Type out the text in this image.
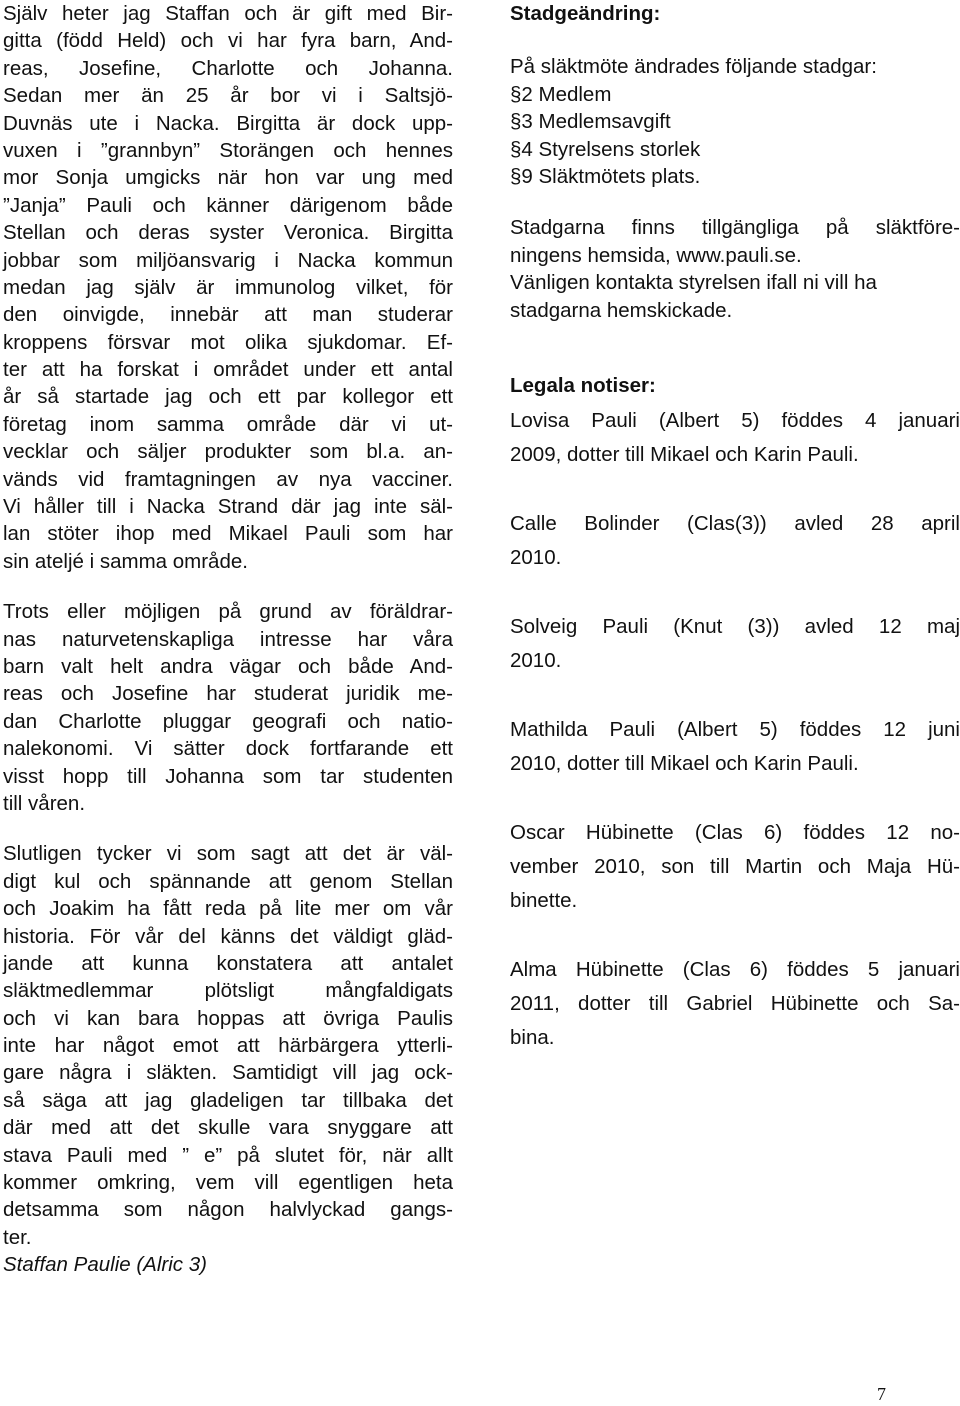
Själv heter jag Staffan och är gift med Bir-
gitta (född Held) och vi har fyra barn, And-
reas, Josefine, Charlotte och Johanna.
Sedan mer än 25 år bor vi i Saltsjö-
Duvnäs ute i Nacka. Birgitta är dock upp-
vuxen i ”grannbyn” Storängen och hennes
mor Sonja umgicks när hon var ung med
”Janja” Pauli och känner därigenom både
Stellan och deras syster Veronica. Birgitta
jobbar som miljöansvarig i Nacka kommun
medan jag själv är immunolog vilket, för
den oinvigde, innebär att man studerar
kroppens försvar mot olika sjukdomar. Ef-
ter att ha forskat i området under ett antal
år så startade jag och ett par kollegor ett
företag inom samma område där vi ut-
vecklar och säljer produkter som bl.a. an-
vänds vid framtagningen av nya vacciner.
Vi håller till i Nacka Strand där jag inte säl-
lan stöter ihop med Mikael Pauli som har
sin ateljé i samma område.
Trots eller möjligen på grund av föräldrar-
nas naturvetenskapliga intresse har våra
barn valt helt andra vägar och både And-
reas och Josefine har studerat juridik me-
dan Charlotte pluggar geografi och natio-
nalekonomi. Vi sätter dock fortfarande ett
visst hopp till Johanna som tar studenten
till våren.
Slutligen tycker vi som sagt att det är väl-
digt kul och spännande att genom Stellan
och Joakim ha fått reda på lite mer om vår
historia. För vår del känns det väldigt gläd-
jande att kunna konstatera att antalet
släktmedlemmar plötsligt mångfaldigats
och vi kan bara hoppas att övriga Paulis
inte har något emot att härbärgera ytterli-
gare några i släkten. Samtidigt vill jag ock-
så säga att jag gladeligen tar tillbaka det
där med att det skulle vara snyggare att
stava Pauli med ” e” på slutet för, när allt
kommer omkring, vem vill egentligen heta
detsamma som någon halvlyckad gangs-
ter.
Staffan Paulie (Alric 3)
Stadgeändring:
På släktmöte ändrades följande stadgar:
§2 Medlem
§3 Medlemsavgift
§4 Styrelsens storlek
§9 Släktmötets plats.
Stadgarna finns tillgängliga på släktföre-
ningens hemsida, www.pauli.se.
Vänligen kontakta styrelsen ifall ni vill ha
stadgarna hemskickade.
Legala notiser:
Lovisa Pauli (Albert 5) föddes 4 januari
2009, dotter till Mikael och Karin Pauli.
Calle Bolinder (Clas(3)) avled 28 april
2010.
Solveig Pauli (Knut (3)) avled 12 maj
2010.
Mathilda Pauli (Albert 5) föddes 12 juni
2010, dotter till Mikael och Karin Pauli.
Oscar Hübinette (Clas 6) föddes 12 no-
vember 2010, son till Martin och Maja Hü-
binette.
Alma Hübinette (Clas 6) föddes 5 januari
2011, dotter till Gabriel Hübinette och Sa-
bina.
7
